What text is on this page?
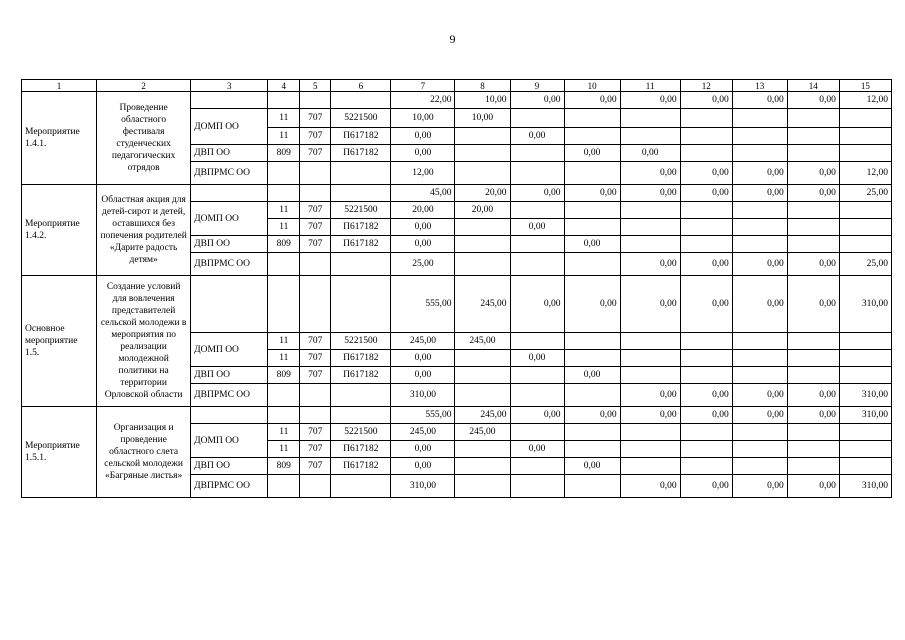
9
1	2	3	4	5	6	7	8	9	10	11	12	13	14	15
Мероприятие 1.4.1.	Проведение областного фестиваля студенческих педагогических отрядов					22,00	10,00	0,00	0,00	0,00	0,00	0,00	0,00	12,00
		ДОМП ОО	11	707	5221500	10,00	10,00							
			11	707	П617182	0,00		0,00						
		ДВП ОО	809	707	П617182	0,00			0,00	0,00				
		ДВПРМС ОО				12,00				0,00	0,00	0,00	0,00	12,00
Мероприятие 1.4.2.	Областная акция для детей-сирот и детей, оставшихся без попечения родителей «Дарите радость детям»					45,00	20,00	0,00	0,00	0,00	0,00	0,00	0,00	25,00
		ДОМП ОО	11	707	5221500	20,00	20,00							
			11	707	П617182	0,00		0,00						
		ДВП ОО	809	707	П617182	0,00			0,00					
		ДВПРМС ОО				25,00				0,00	0,00	0,00	0,00	25,00
Основное мероприятие 1.5.	Создание условий для вовлечения представителей сельской молодежи в мероприятия по реализации молодежной политики на территории Орловской области					555,00	245,00	0,00	0,00	0,00	0,00	0,00	0,00	310,00
		ДОМП ОО	11	707	5221500	245,00	245,00							
			11	707	П617182	0,00		0,00						
		ДВП ОО	809	707	П617182	0,00			0,00					
		ДВПРМС ОО				310,00				0,00	0,00	0,00	0,00	310,00
Мероприятие 1.5.1.	Организация и проведение областного слета сельской молодежи «Багряные листья»					555,00	245,00	0,00	0,00	0,00	0,00	0,00	0,00	310,00
		ДОМП ОО	11	707	5221500	245,00	245,00							
			11	707	П617182	0,00		0,00						
		ДВП ОО	809	707	П617182	0,00			0,00					
		ДВПРМС ОО				310,00				0,00	0,00	0,00	0,00	310,00
